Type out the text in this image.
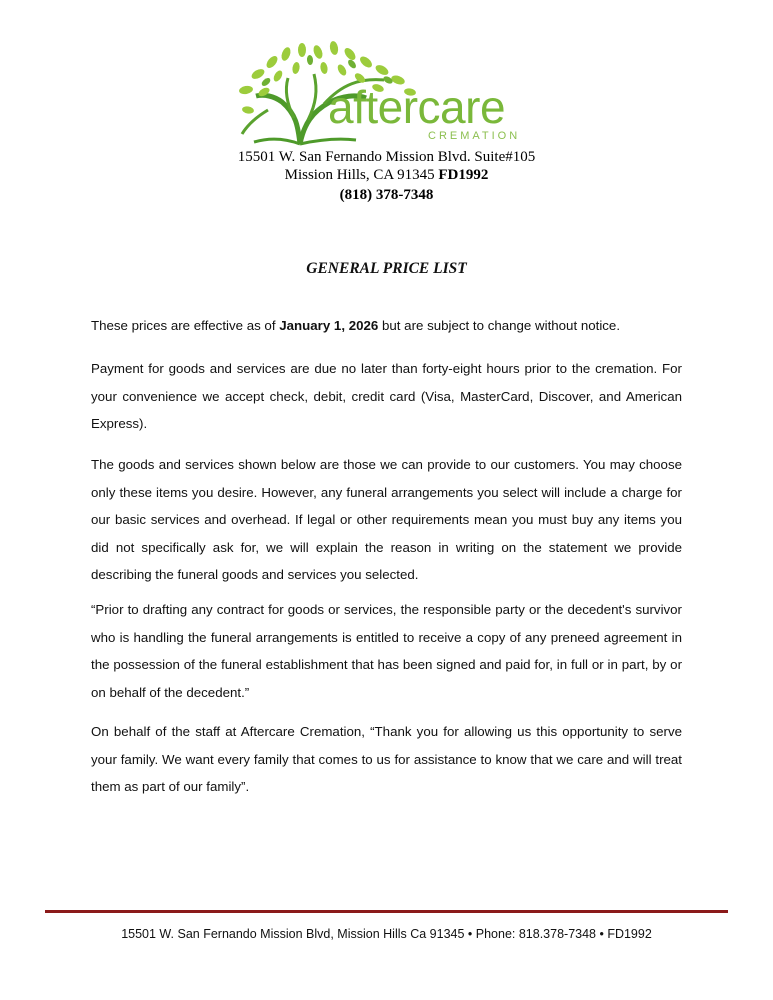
aftercare
CREMATION
15501 W. San Fernando Mission Blvd. Suite#105
Mission Hills, CA 91345 FD1992
(818) 378-7348
GENERAL PRICE LIST

These prices are effective as of January 1, 2026 but are subject to change without notice.

Payment for goods and services are due no later than forty-eight hours prior to the cremation. For your convenience we accept check, debit, credit card (Visa, MasterCard, Discover, and American Express).

The goods and services shown below are those we can provide to our customers. You may choose only these items you desire. However, any funeral arrangements you select will include a charge for our basic services and overhead. If legal or other requirements mean you must buy any items you did not specifically ask for, we will explain the reason in writing on the statement we provide describing the funeral goods and services you selected.

“Prior to drafting any contract for goods or services, the responsible party or the decedent's survivor who is handling the funeral arrangements is entitled to receive a copy of any preneed agreement in the possession of the funeral establishment that has been signed and paid for, in full or in part, by or on behalf of the decedent.”

On behalf of the staff at Aftercare Cremation, “Thank you for allowing us this opportunity to serve your family. We want every family that comes to us for assistance to know that we care and will treat them as part of our family”.

15501 W. San Fernando Mission Blvd, Mission Hills Ca 91345 • Phone: 818.378-7348 • FD1992
